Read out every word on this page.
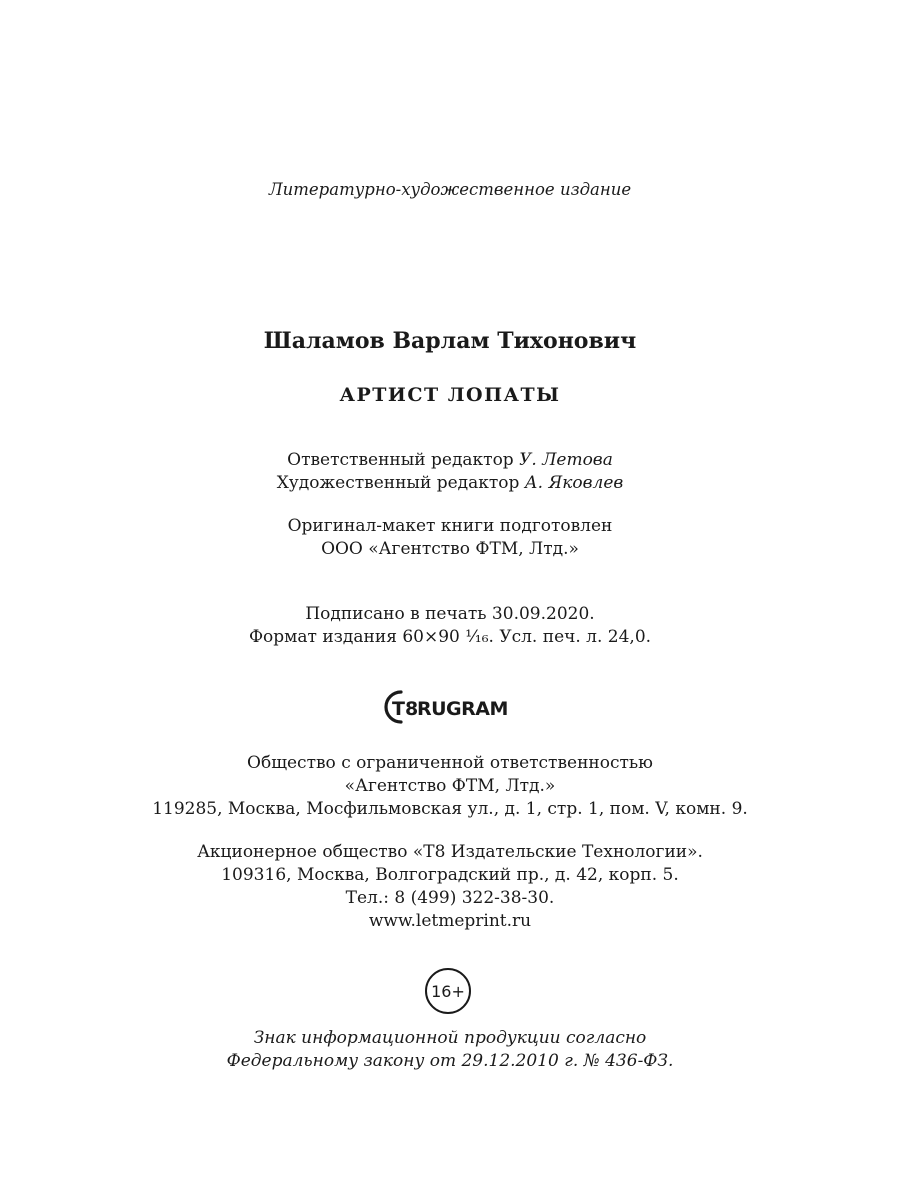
Литературно-художественное издание
Шаламов Варлам Тихонович
АРТИСТ ЛОПАТЫ
Ответственный редактор У. Летова
Художественный редактор А. Яковлев
Оригинал-макет книги подготовлен
ООО «Агентство ФТМ, Лтд.»
Подписано в печать 30.09.2020.
Формат издания 60×90 ¹⁄₁₆. Усл. печ. л. 24,0.
T8
RUGRAM
Общество с ограниченной ответственностью
«Агентство ФТМ, Лтд.»
119285, Москва, Мосфильмовская ул., д. 1, стр. 1, пом. V, комн. 9.
Акционерное общество «Т8 Издательские Технологии».
109316, Москва, Волгоградский пр., д. 42, корп. 5.
Тел.: 8 (499) 322-38-30.
www.letmeprint.ru
16+
Знак информационной продукции согласно
Федеральному закону от 29.12.2010 г. № 436-ФЗ.
